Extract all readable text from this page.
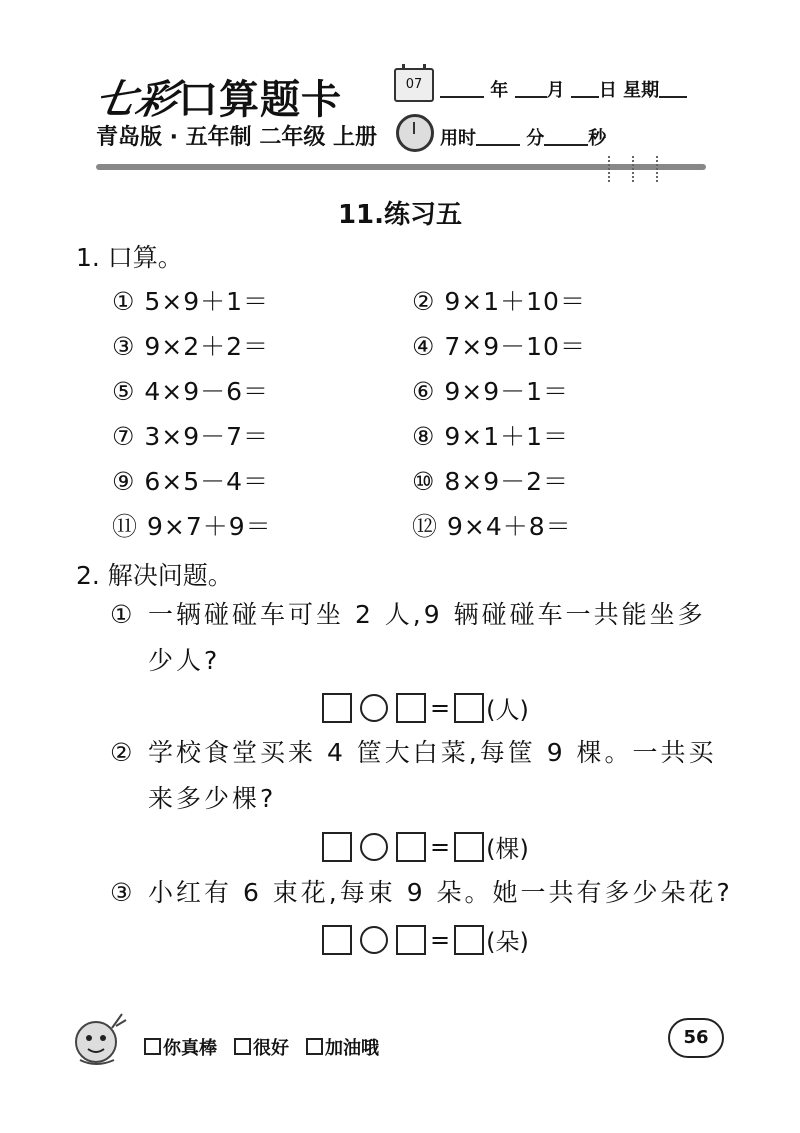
七彩口算题卡
青岛版 · 五年制 二年级 上册
07	年 月 日 星期
用时	分 秒
11.练习五
1. 口算。
① 5×9＋1＝	② 9×1＋10＝
③ 9×2＋2＝	④ 7×9－10＝
⑤ 4×9－6＝	⑥ 9×9－1＝
⑦ 3×9－7＝	⑧ 9×1＋1＝
⑨ 6×5－4＝	⑩ 8×9－2＝
⑪ 9×7＋9＝	⑫ 9×4＋8＝
2. 解决问题。
① 一辆碰碰车可坐 2 人,9 辆碰碰车一共能坐多
少人?
= (人)
② 学校食堂买来 4 筐大白菜,每筐 9 棵。一共买
来多少棵?
= (棵)
③ 小红有 6 束花,每束 9 朵。她一共有多少朵花?
= (朵)
你真棒	很好	加油哦
56
